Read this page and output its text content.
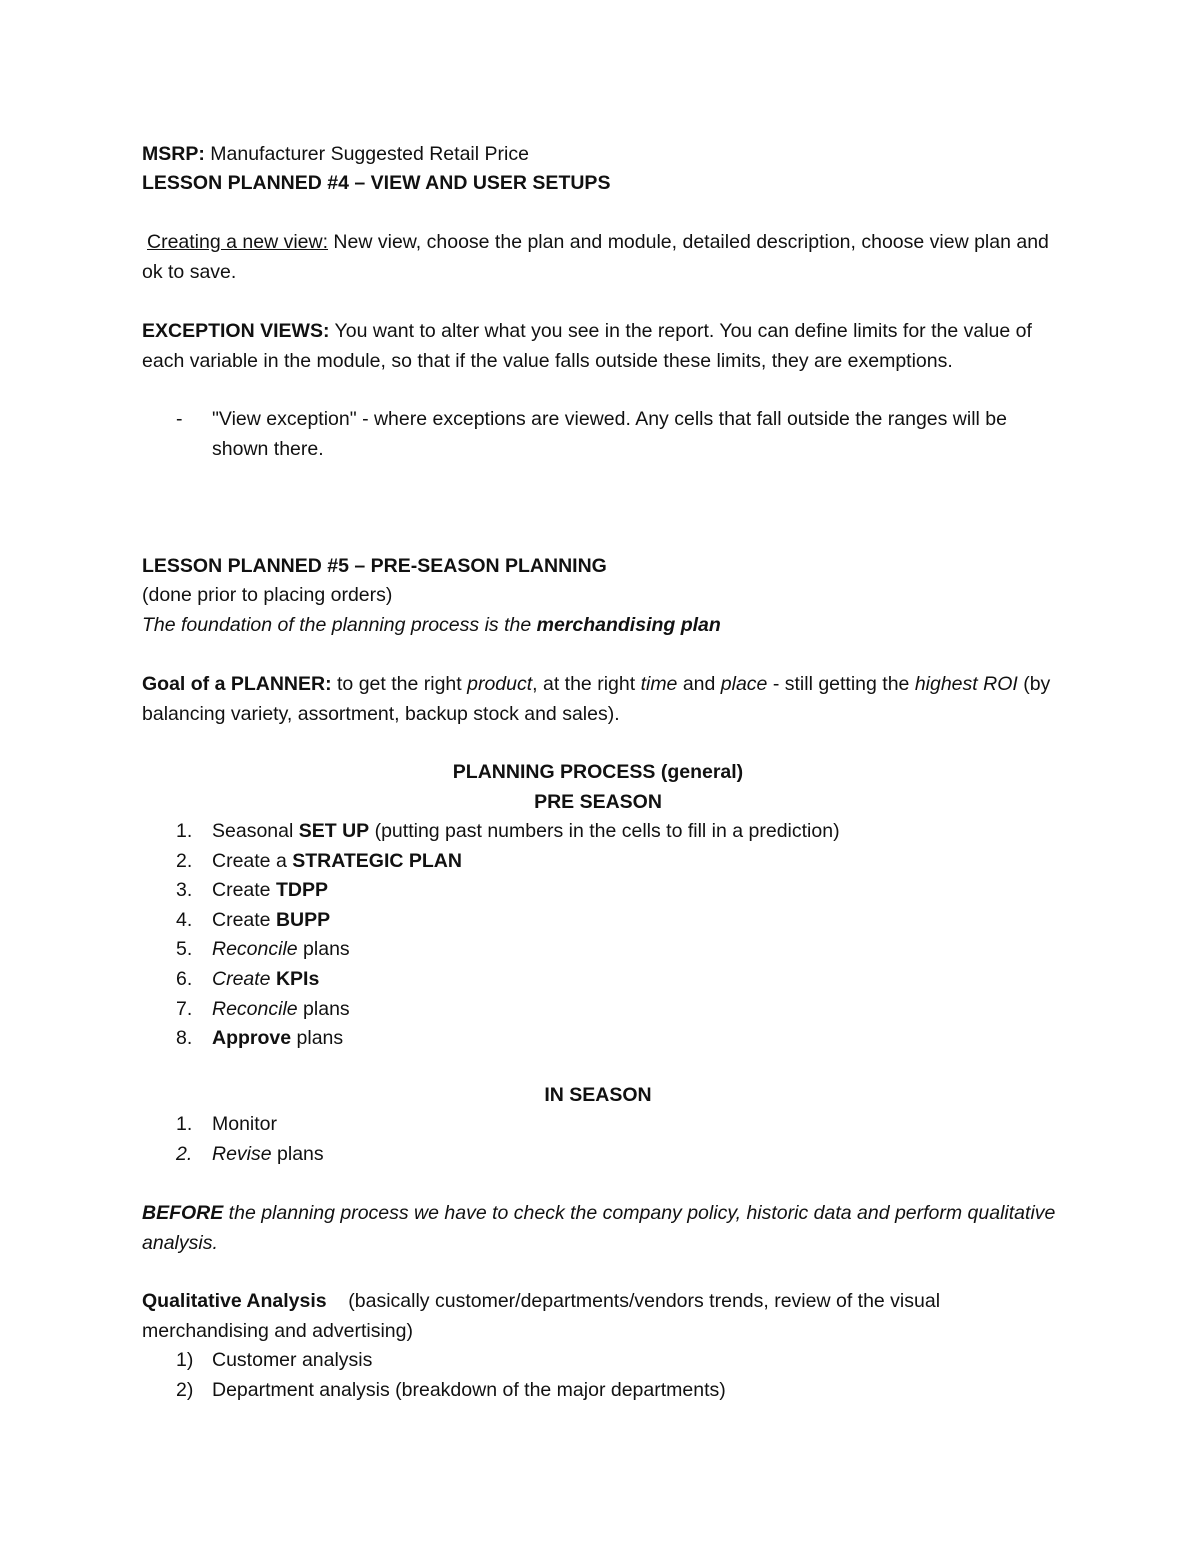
MSRP: Manufacturer Suggested Retail Price
LESSON PLANNED #4 – VIEW AND USER SETUPS
Creating a new view: New view, choose the plan and module, detailed description, choose view plan and ok to save.
EXCEPTION VIEWS: You want to alter what you see in the report. You can define limits for the value of each variable in the module, so that if the value falls outside these limits, they are exemptions.
- "View exception" - where exceptions are viewed. Any cells that fall outside the ranges will be shown there.
LESSON PLANNED #5 – PRE-SEASON PLANNING
(done prior to placing orders)
The foundation of the planning process is the merchandising plan
Goal of a PLANNER: to get the right product, at the right time and place - still getting the highest ROI (by balancing variety, assortment, backup stock and sales).
PLANNING PROCESS (general)
PRE SEASON
1. Seasonal SET UP (putting past numbers in the cells to fill in a prediction)
2. Create a STRATEGIC PLAN
3. Create TDPP
4. Create BUPP
5. Reconcile plans
6. Create KPIs
7. Reconcile plans
8. Approve plans
IN SEASON
1. Monitor
2. Revise plans
BEFORE the planning process we have to check the company policy, historic data and perform qualitative analysis.
Qualitative Analysis    (basically customer/departments/vendors trends, review of the visual merchandising and advertising)
1) Customer analysis
2) Department analysis (breakdown of the major departments)
